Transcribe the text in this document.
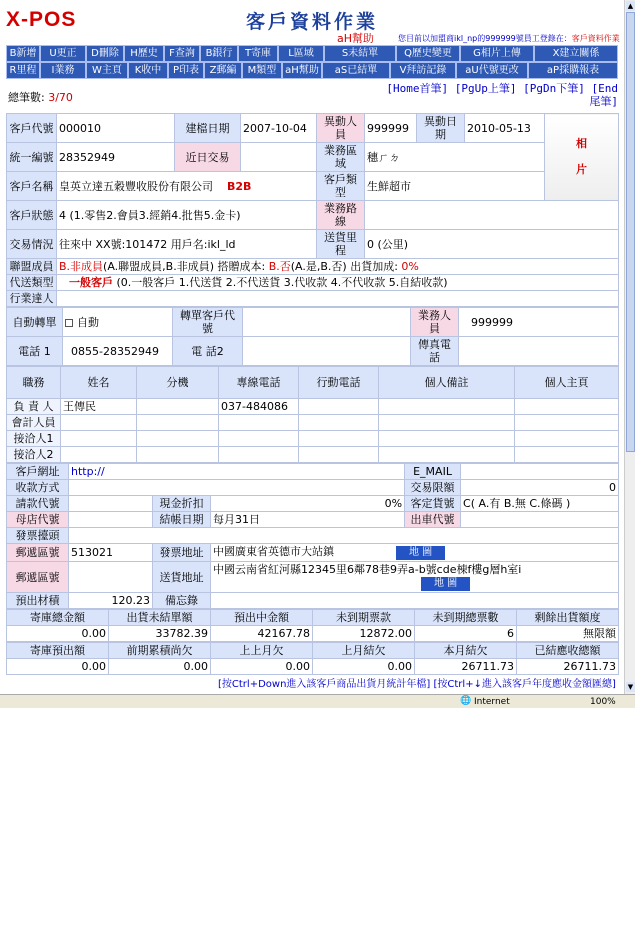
X-POS	客戶資料作業
aH幫助	您目前以加盟商ikl_np的999999號員工登錄在：客戶資料作業
B新增	U更正	D刪除	H歷史	F查詢	B銀行	T寄庫	L區域	S未結單	Q歷史變更	G相片上傳	X建立關係
R里程	I業務	W主頁	K收中	P印表	Z郵編	M類型 aH幫助	aS已結單	V拜訪記錄	aU代號更改	aP採購報表
總筆數: 3/70
[Home首筆] [PgUp上筆] [PgDn下筆] [End尾筆]
客戶代號	000010	建檔日期	2007-10-04	異動人員	999999	異動日期	2010-05-13	相片

統一編號	28352949	近日交易		業務區域	穗ㄏㄉ			
客戶名稱	皇英立達五穀豐收股份有限公司 B2B			客戶類型	生鮮超市			
客戶狀態	4 (1.零售2.會員3.經銷4.批售5.金卡)			業務路線				
交易情況	往來中 XX號:101472 用戶名:ikl_ld			送貨里程	0 (公里)			
聯盟成員	B.非成員(A.聯盟成員,B.非成員) 搭贈成本: B.否(A.是,B.否) 出貨加成: 0%							
代送類型	一般客戶 (0.一般客戶 1.代送貨 2.不代送貨 3.代收款 4.不代收款 5.自結收款)							
行業達人								
自動轉單	自動	轉單客戶代號		業務人員	999999
電話 1	0855-28352949	電 話2		傳真電話	
職務	姓名	分機	專線電話	行動電話	個人備註	個人主頁
負 責 人	王傳民		037-484086			
會計人員						
接洽人1						
接洽人2						
客戶網址	http://			E_MAIL	
收款方式				交易限額	0
請款代號		現金折扣	0%	客定貨號	C( A.有 B.無 C.條碼 )
母店代號		結帳日期	每月31日	出車代號	
發票擡頭					
郵遞區號	513021	發票地址	中國廣東省英德市大站鎮 地 圖		
郵遞區號		送貨地址	中國云南省紅河縣12345里6鄰78巷9弄a-b號cde棟f樓g層h室i
地 圖		
預出材積	120.23	備忘錄			
寄庫總金額	出貨未結單額	預出中金額	未到期票款	未到期總票數	剩餘出貨額度
0.00	33782.39	42167.78	12872.00	6	無限額
寄庫預出額	前期累積尚欠	上上月欠	上月結欠	本月結欠	已結應收總額
0.00	0.00	0.00	0.00	26711.73	26711.73
[按Ctrl+Down進入該客戶商品出貨月統計年檔] [按Ctrl+↓進入該客戶年度應收金額匯總]
🌐 Internet	100%
▲
▼
